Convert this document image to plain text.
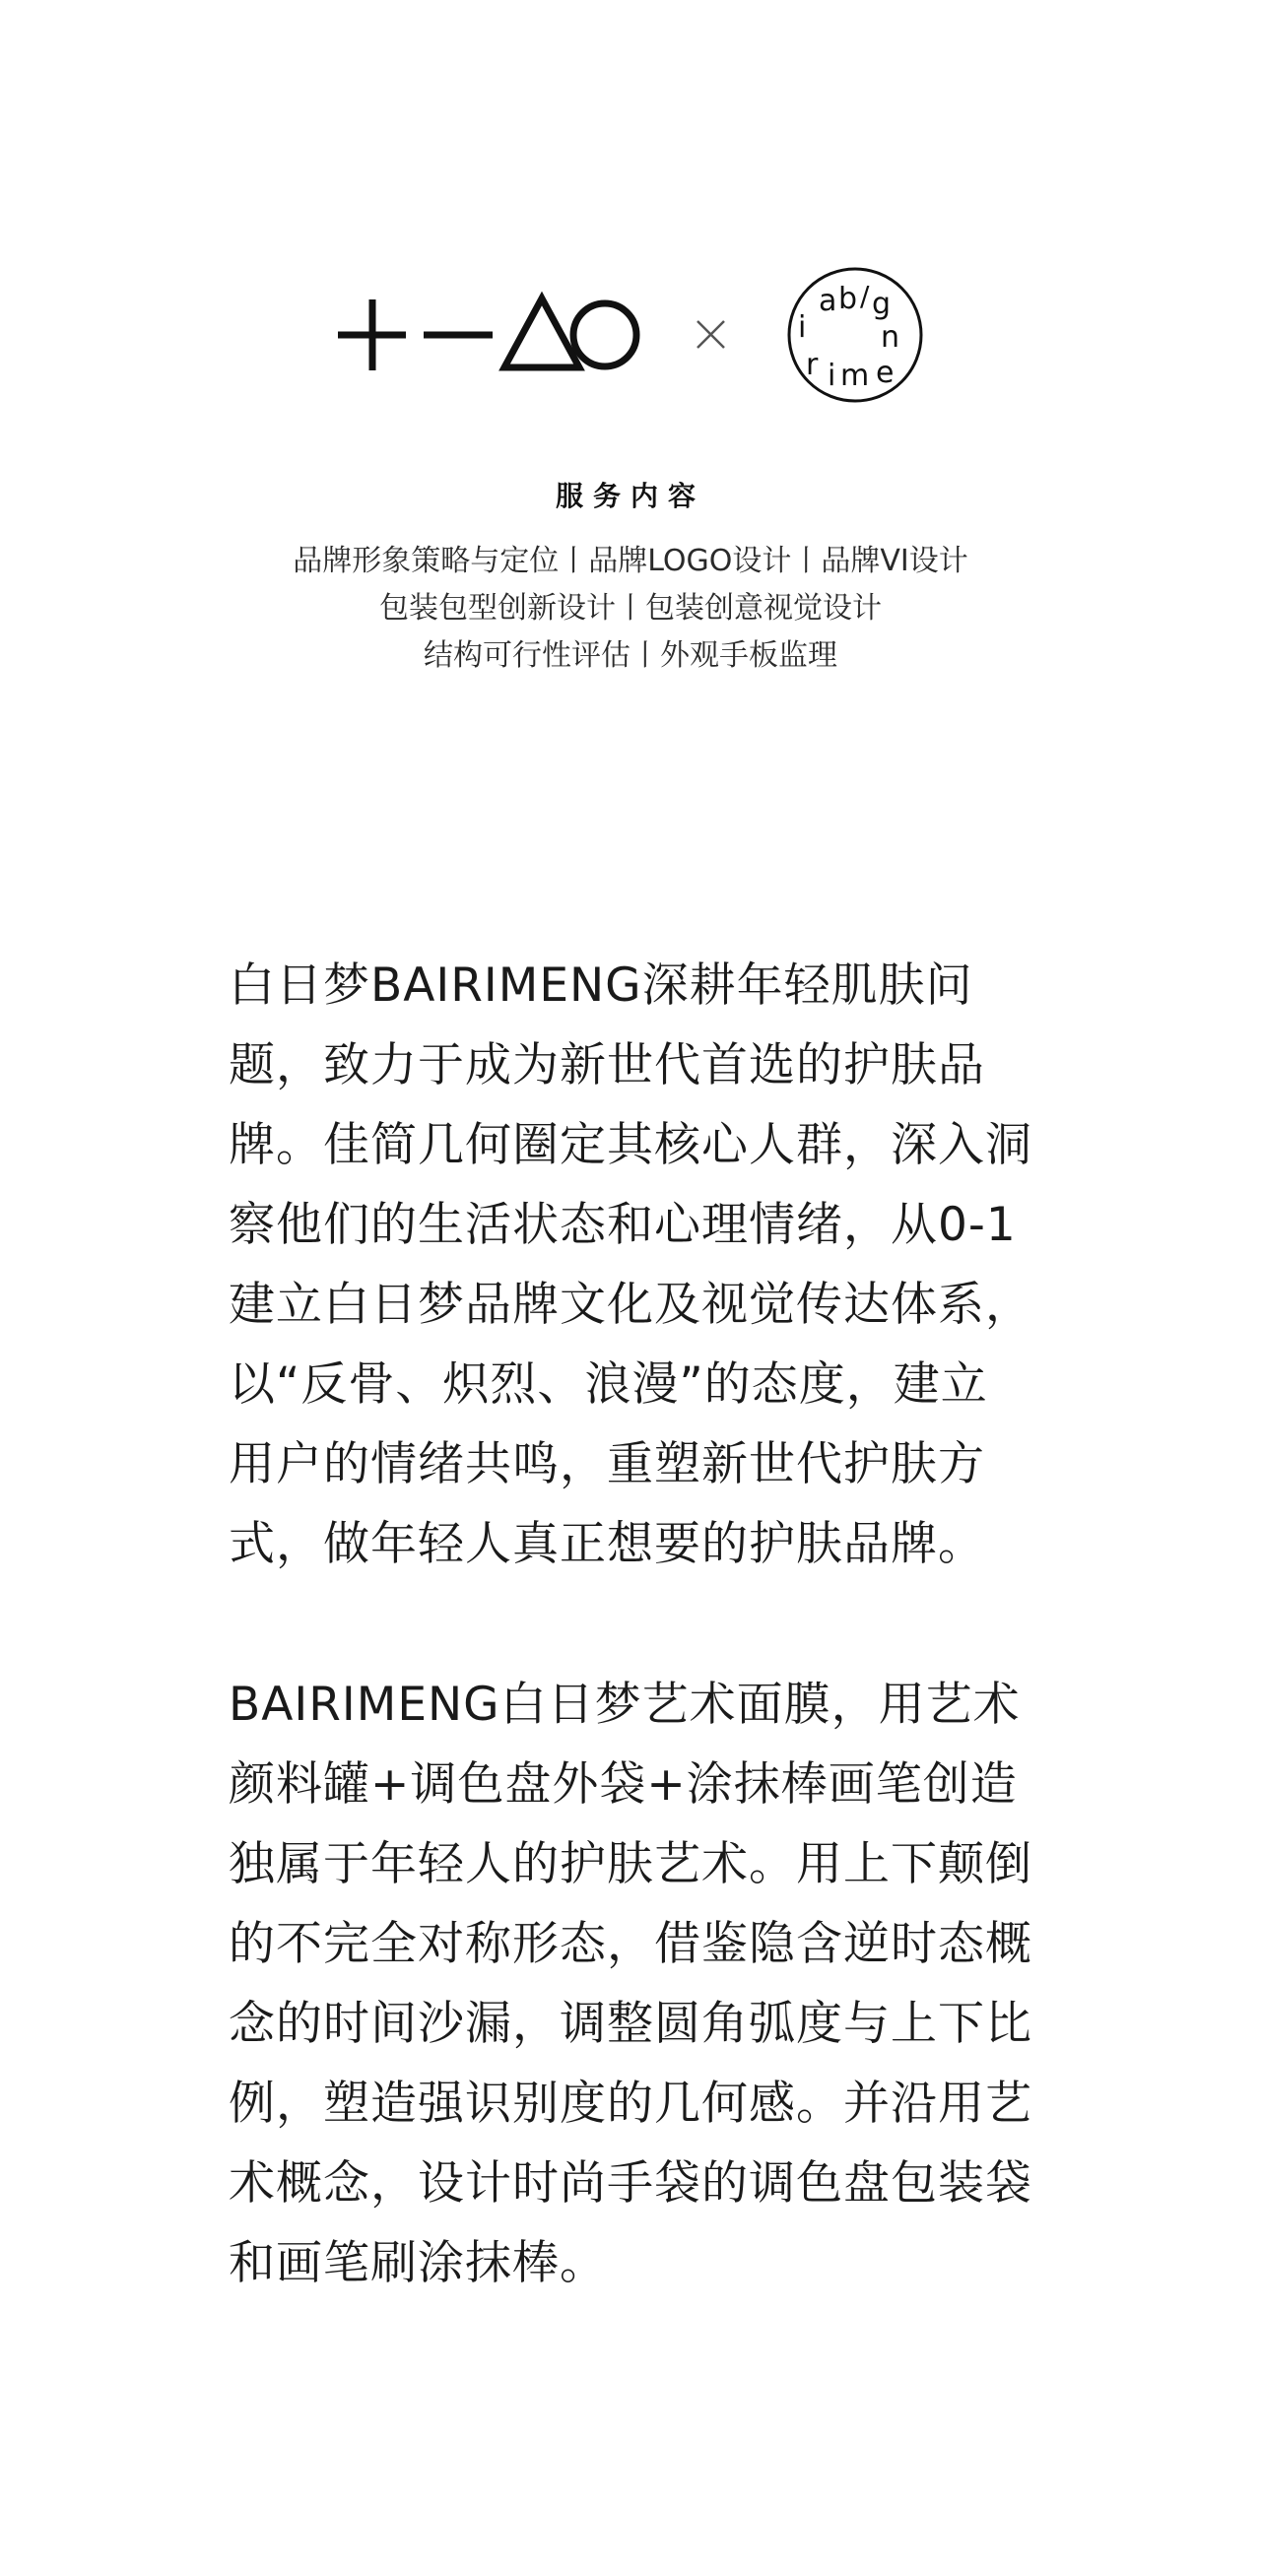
a b / g
n
i
r i m e
服务内容
品牌形象策略与定位丨品牌LOGO设计丨品牌VI设计
包装包型创新设计丨包装创意视觉设计
结构可行性评估丨外观手板监理
白日梦BAIRIMENG深耕年轻肌肤问
题，致力于成为新世代首选的护肤品
牌。佳简几何圈定其核心人群，深入洞
察他们的生活状态和心理情绪，从0-1
建立白日梦品牌文化及视觉传达体系，
以“反骨、炽烈、浪漫”的态度，建立
用户的情绪共鸣，重塑新世代护肤方
式，做年轻人真正想要的护肤品牌。
BAIRIMENG白日梦艺术面膜，用艺术
颜料罐+调色盘外袋+涂抹棒画笔创造
独属于年轻人的护肤艺术。用上下颠倒
的不完全对称形态，借鉴隐含逆时态概
念的时间沙漏，调整圆角弧度与上下比
例，塑造强识别度的几何感。并沿用艺
术概念，设计时尚手袋的调色盘包装袋
和画笔刷涂抹棒。
